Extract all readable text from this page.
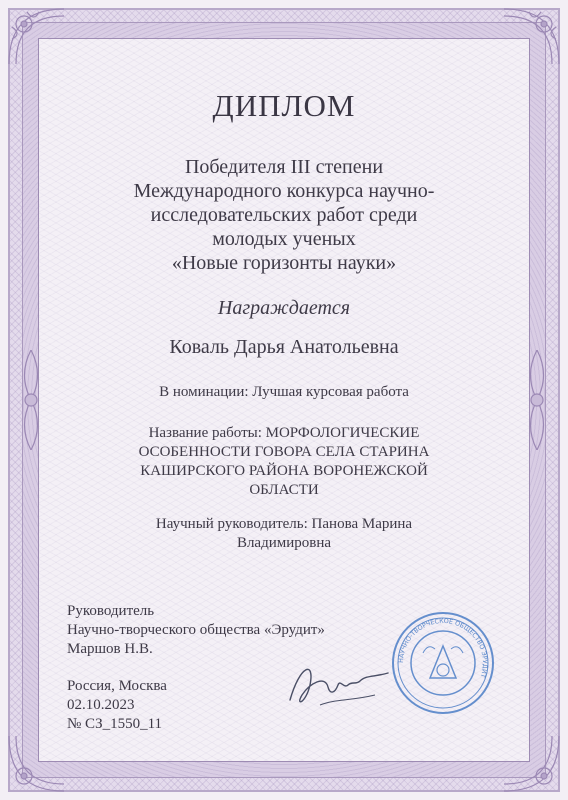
ДИПЛОМ
Победителя III степени
Международного конкурса научно-
исследовательских работ среди
молодых ученых
«Новые горизонты науки»
Награждается
Коваль Дарья Анатольевна
В номинации: Лучшая курсовая работа
Название работы: МОРФОЛОГИЧЕСКИЕ
ОСОБЕННОСТИ ГОВОРА СЕЛА СТАРИНА
КАШИРСКОГО РАЙОНА ВОРОНЕЖСКОЙ
ОБЛАСТИ
Научный руководитель: Панова Марина
Владимировна
Руководитель
Научно-творческого общества «Эрудит»
Маршов Н.В.
Россия, Москва
02.10.2023
№ СЗ_1550_11
НАУЧНО-ТВОРЧЕСКОЕ ОБЩЕСТВО ЭРУДИТ
